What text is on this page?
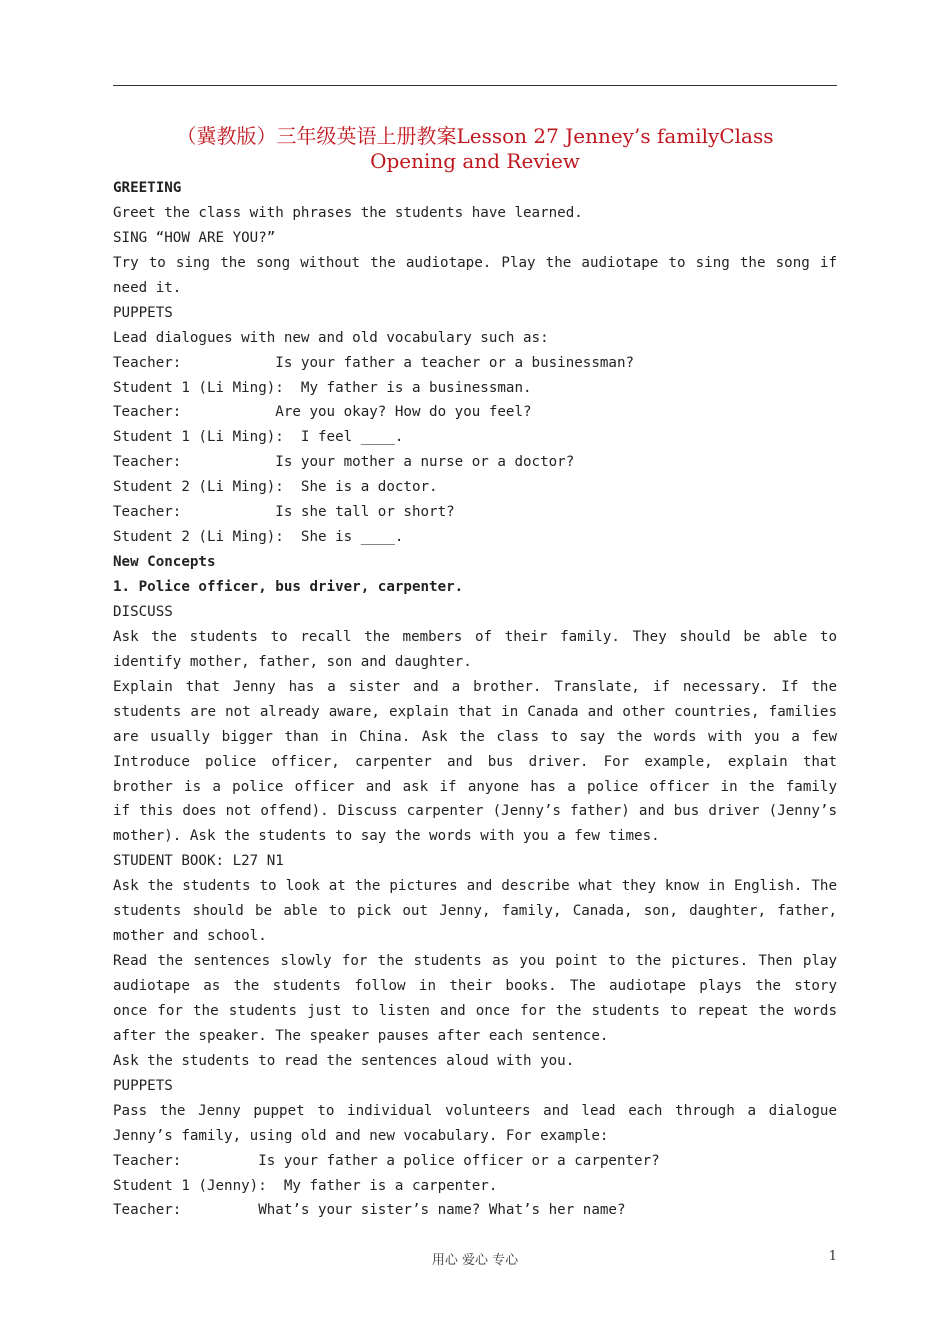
（冀教版）三年级英语上册教案Lesson 27 Jenney’s familyClass
Opening and Review
GREETING
Greet the class with phrases the students have learned.
SING “HOW ARE YOU?”
Try to sing the song without the audiotape. Play the audiotape to sing the song if
need it.
PUPPETS
Lead dialogues with new and old vocabulary such as:
Teacher:           Is your father a teacher or a businessman?
Student 1 (Li Ming):  My father is a businessman.
Teacher:           Are you okay? How do you feel?
Student 1 (Li Ming):  I feel ____.
Teacher:           Is your mother a nurse or a doctor?
Student 2 (Li Ming):  She is a doctor.
Teacher:           Is she tall or short?
Student 2 (Li Ming):  She is ____.
New Concepts
1. Police officer, bus driver, carpenter.
DISCUSS
Ask the students to recall the members of their family. They should be able to
identify mother, father, son and daughter.
Explain that Jenny has a sister and a brother. Translate, if necessary. If the
students are not already aware, explain that in Canada and other countries, families
are usually bigger than in China. Ask the class to say the words with you a few
Introduce police officer, carpenter and bus driver. For example, explain that
brother is a police officer and ask if anyone has a police officer in the family
if this does not offend). Discuss carpenter (Jenny’s father) and bus driver (Jenny’s
mother). Ask the students to say the words with you a few times.
STUDENT BOOK: L27 N1
Ask the students to look at the pictures and describe what they know in English. The
students should be able to pick out Jenny, family, Canada, son, daughter, father,
mother and school.
Read the sentences slowly for the students as you point to the pictures. Then play
audiotape as the students follow in their books. The audiotape plays the story
once for the students just to listen and once for the students to repeat the words
after the speaker. The speaker pauses after each sentence.
Ask the students to read the sentences aloud with you.
PUPPETS
Pass the Jenny puppet to individual volunteers and lead each through a dialogue
Jenny’s family, using old and new vocabulary. For example:
Teacher:         Is your father a police officer or a carpenter?
Student 1 (Jenny):  My father is a carpenter.
Teacher:         What’s your sister’s name? What’s her name?
用心 爱心 专心	1
